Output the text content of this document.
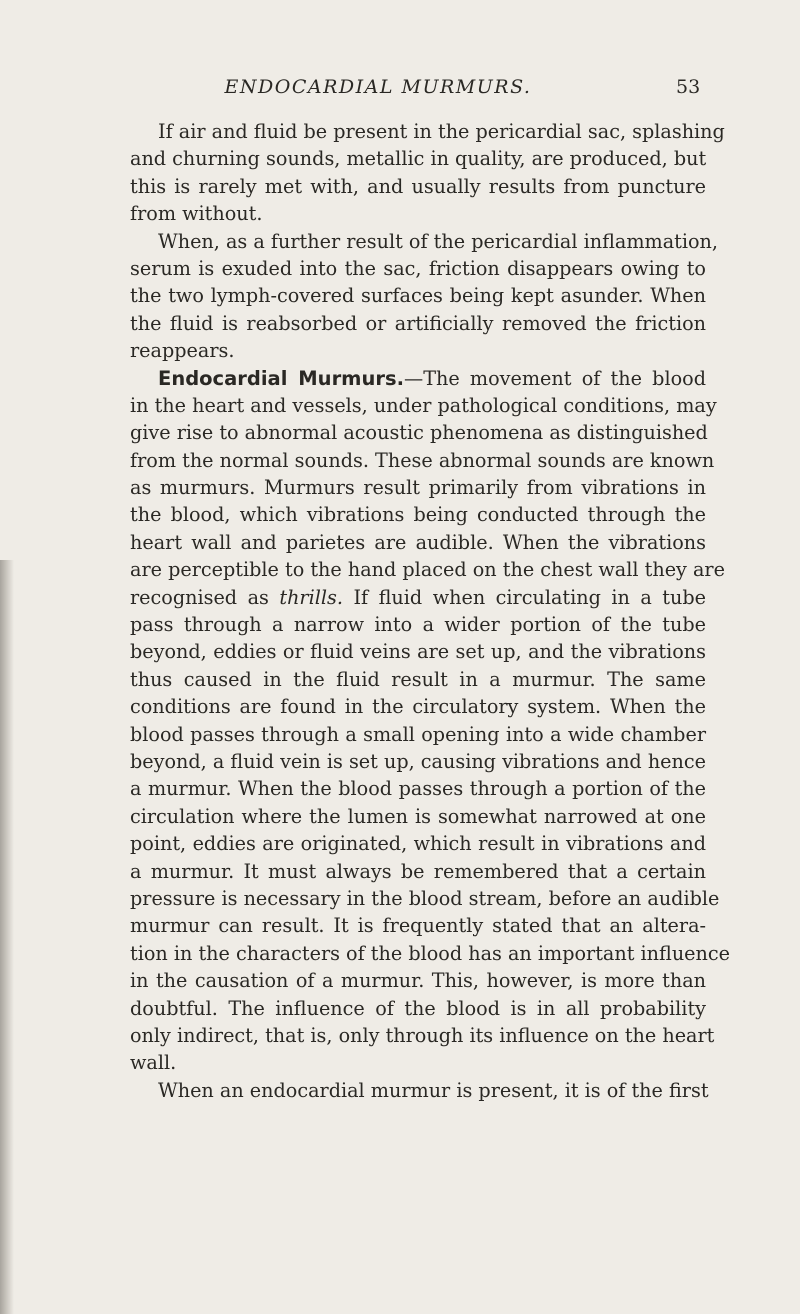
ENDOCARDIAL MURMURS.	53
If air and fluid be present in the pericardial sac, splashing
and churning sounds, metallic in quality, are produced, but
this is rarely met with, and usually results from puncture
from without.
When, as a further result of the pericardial inflammation,
serum is exuded into the sac, friction disappears owing to
the two lymph-covered surfaces being kept asunder. When
the fluid is reabsorbed or artificially removed the friction
reappears.
Endocardial Murmurs.—The movement of the blood
in the heart and vessels, under pathological conditions, may
give rise to abnormal acoustic phenomena as distinguished
from the normal sounds. These abnormal sounds are known
as murmurs. Murmurs result primarily from vibrations in
the blood, which vibrations being conducted through the
heart wall and parietes are audible. When the vibrations
are perceptible to the hand placed on the chest wall they are
recognised as thrills. If fluid when circulating in a tube
pass through a narrow into a wider portion of the tube
beyond, eddies or fluid veins are set up, and the vibrations
thus caused in the fluid result in a murmur. The same
conditions are found in the circulatory system. When the
blood passes through a small opening into a wide chamber
beyond, a fluid vein is set up, causing vibrations and hence
a murmur. When the blood passes through a portion of the
circulation where the lumen is somewhat narrowed at one
point, eddies are originated, which result in vibrations and
a murmur. It must always be remembered that a certain
pressure is necessary in the blood stream, before an audible
murmur can result. It is frequently stated that an altera-
tion in the characters of the blood has an important influence
in the causation of a murmur. This, however, is more than
doubtful. The influence of the blood is in all probability
only indirect, that is, only through its influence on the heart
wall.
When an endocardial murmur is present, it is of the first
